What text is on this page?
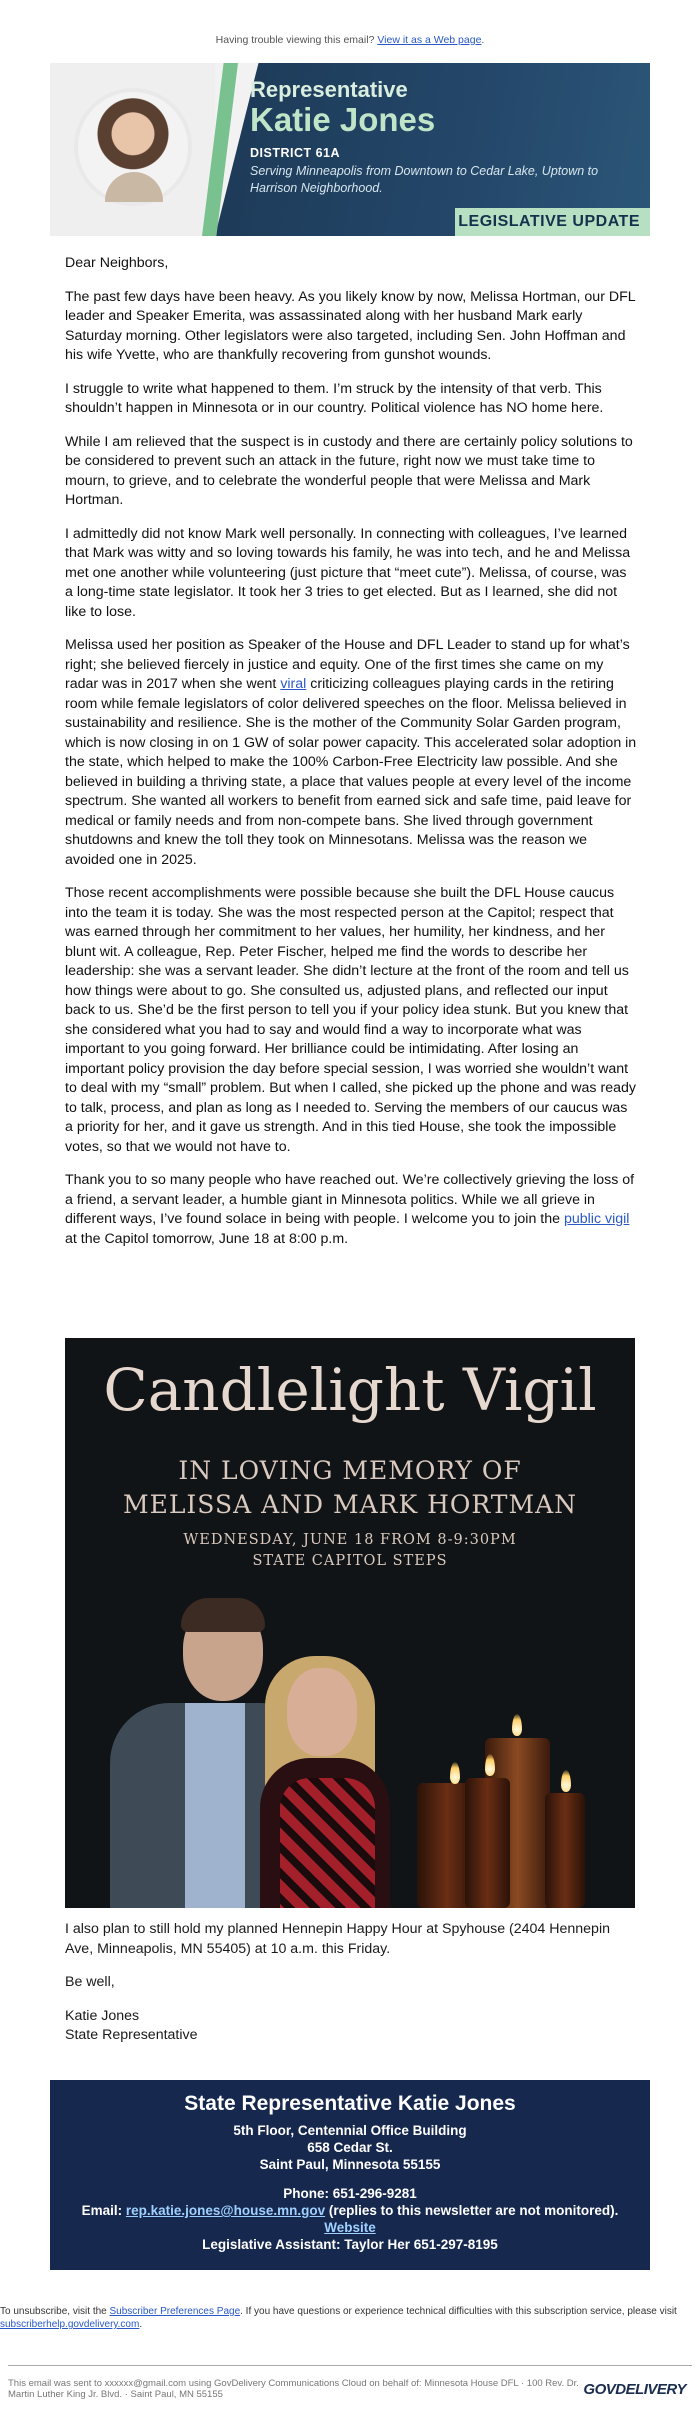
Having trouble viewing this email? View it as a Web page.
Representative
Katie Jones
DISTRICT 61A
Serving Minneapolis from Downtown to Cedar Lake, Uptown to Harrison Neighborhood.
LEGISLATIVE UPDATE

Dear Neighbors,

The past few days have been heavy. As you likely know by now, Melissa Hortman, our DFL leader and Speaker Emerita, was assassinated along with her husband Mark early Saturday morning. Other legislators were also targeted, including Sen. John Hoffman and his wife Yvette, who are thankfully recovering from gunshot wounds.

I struggle to write what happened to them. I’m struck by the intensity of that verb. This shouldn’t happen in Minnesota or in our country. Political violence has NO home here.

While I am relieved that the suspect is in custody and there are certainly policy solutions to be considered to prevent such an attack in the future, right now we must take time to mourn, to grieve, and to celebrate the wonderful people that were Melissa and Mark Hortman.

I admittedly did not know Mark well personally. In connecting with colleagues, I’ve learned that Mark was witty and so loving towards his family, he was into tech, and he and Melissa met one another while volunteering (just picture that “meet cute”). Melissa, of course, was a long-time state legislator. It took her 3 tries to get elected. But as I learned, she did not like to lose.

Melissa used her position as Speaker of the House and DFL Leader to stand up for what’s right; she believed fiercely in justice and equity. One of the first times she came on my radar was in 2017 when she went viral criticizing colleagues playing cards in the retiring room while female legislators of color delivered speeches on the floor. Melissa believed in sustainability and resilience. She is the mother of the Community Solar Garden program, which is now closing in on 1 GW of solar power capacity. This accelerated solar adoption in the state, which helped to make the 100% Carbon-Free Electricity law possible. And she believed in building a thriving state, a place that values people at every level of the income spectrum. She wanted all workers to benefit from earned sick and safe time, paid leave for medical or family needs and from non-compete bans. She lived through government shutdowns and knew the toll they took on Minnesotans. Melissa was the reason we avoided one in 2025.

Those recent accomplishments were possible because she built the DFL House caucus into the team it is today. She was the most respected person at the Capitol; respect that was earned through her commitment to her values, her humility, her kindness, and her blunt wit. A colleague, Rep. Peter Fischer, helped me find the words to describe her leadership: she was a servant leader. She didn’t lecture at the front of the room and tell us how things were about to go. She consulted us, adjusted plans, and reflected our input back to us. She’d be the first person to tell you if your policy idea stunk. But you knew that she considered what you had to say and would find a way to incorporate what was important to you going forward. Her brilliance could be intimidating. After losing an important policy provision the day before special session, I was worried she wouldn’t want to deal with my “small” problem. But when I called, she picked up the phone and was ready to talk, process, and plan as long as I needed to. Serving the members of our caucus was a priority for her, and it gave us strength. And in this tied House, she took the impossible votes, so that we would not have to.

Thank you to so many people who have reached out. We’re collectively grieving the loss of a friend, a servant leader, a humble giant in Minnesota politics. While we all grieve in different ways, I’ve found solace in being with people. I welcome you to join the public vigil at the Capitol tomorrow, June 18 at 8:00 p.m.

Candlelight Vigil
IN LOVING MEMORY OF
MELISSA AND MARK HORTMAN
WEDNESDAY, JUNE 18 FROM 8-9:30PM
STATE CAPITOL STEPS

I also plan to still hold my planned Hennepin Happy Hour at Spyhouse (2404 Hennepin Ave, Minneapolis, MN 55405) at 10 a.m. this Friday.

Be well,

Katie Jones
State Representative
State Representative Katie Jones
5th Floor, Centennial Office Building
658 Cedar St.
Saint Paul, Minnesota 55155
Phone: 651-296-9281
Email: rep.katie.jones@house.mn.gov (replies to this newsletter are not monitored).
Website
Legislative Assistant: Taylor Her 651-297-8195
To unsubscribe, visit the Subscriber Preferences Page. If you have questions or experience technical difficulties with this subscription service, please visit subscriberhelp.govdelivery.com.
This email was sent to xxxxxx@gmail.com using GovDelivery Communications Cloud on behalf of: Minnesota House DFL · 100 Rev. Dr. Martin Luther King Jr. Blvd. · Saint Paul, MN 55155	GOVDELIVERY
